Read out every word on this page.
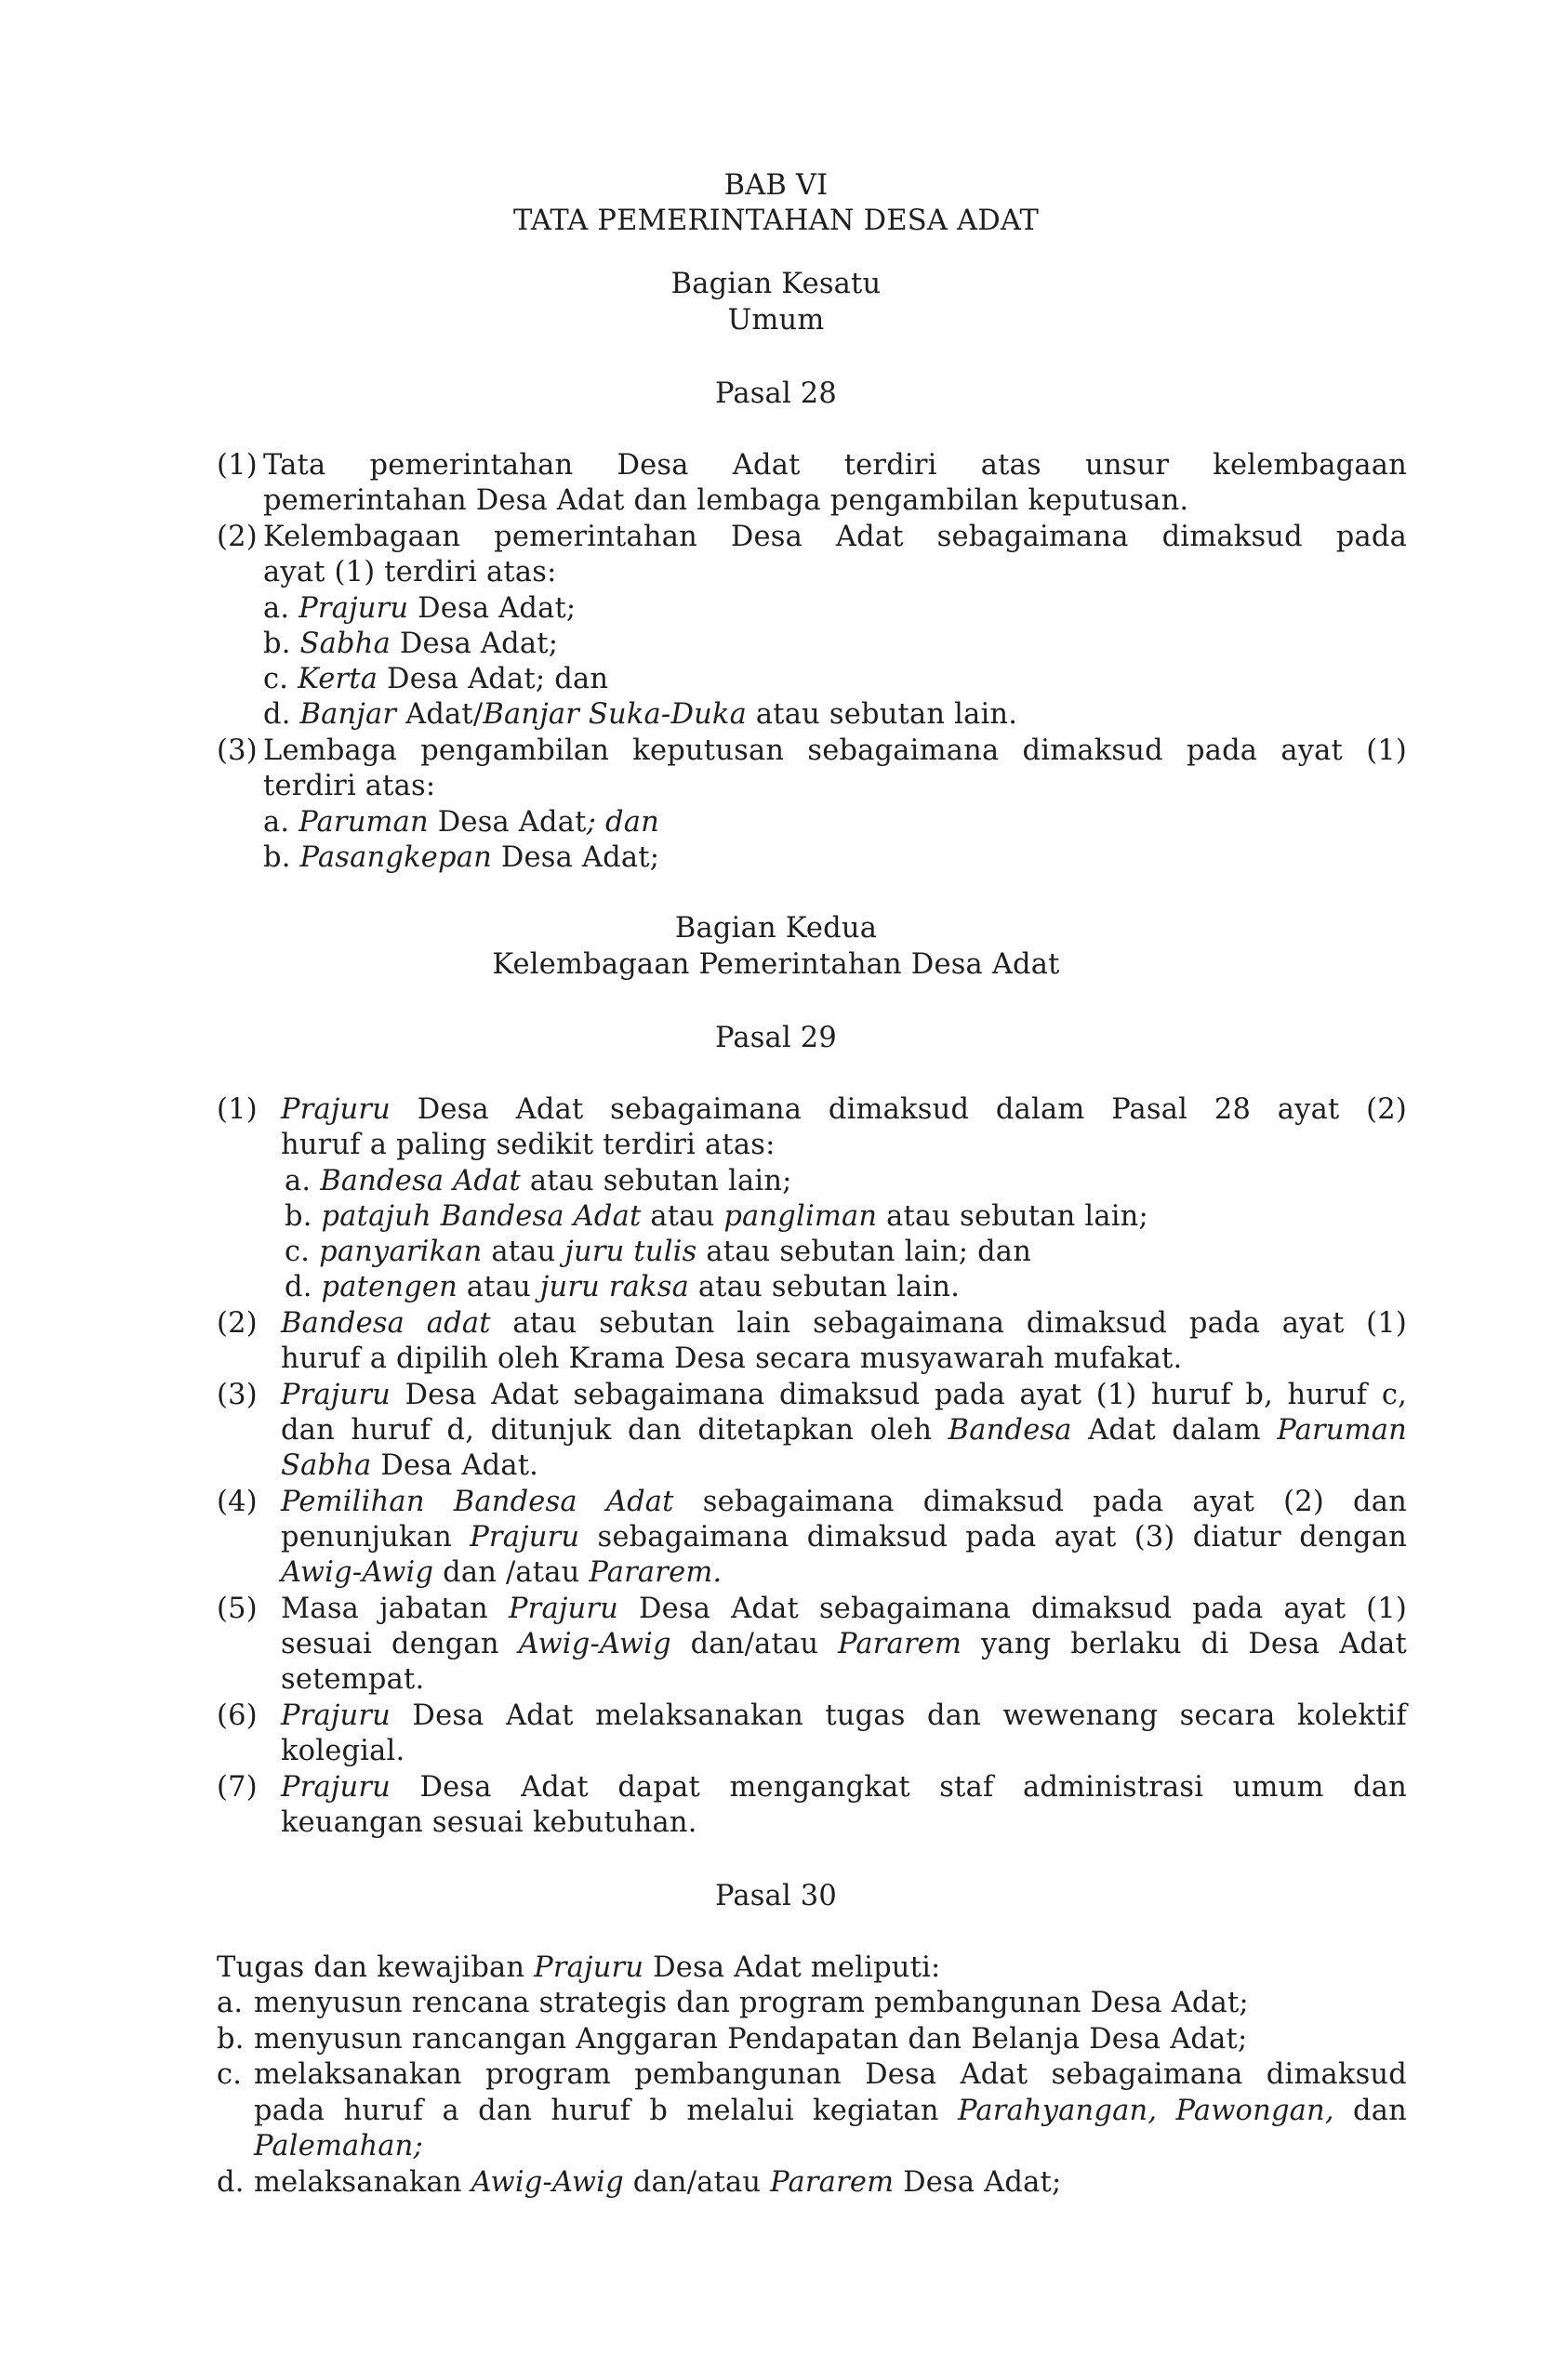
BAB VI
TATA PEMERINTAHAN DESA ADAT
Bagian Kesatu
Umum
Pasal 28
(1) Tata pemerintahan Desa Adat terdiri atas unsur kelembagaan
pemerintahan Desa Adat dan lembaga pengambilan keputusan.
(2) Kelembagaan pemerintahan Desa Adat sebagaimana dimaksud pada
ayat (1) terdiri atas:
a. Prajuru Desa Adat;
b. Sabha Desa Adat;
c. Kerta Desa Adat; dan
d. Banjar Adat/Banjar Suka-Duka atau sebutan lain.
(3) Lembaga pengambilan keputusan sebagaimana dimaksud pada ayat (1)
terdiri atas:
a. Paruman Desa Adat; dan
b. Pasangkepan Desa Adat;
Bagian Kedua
Kelembagaan Pemerintahan Desa Adat
Pasal 29
(1) Prajuru Desa Adat sebagaimana dimaksud dalam Pasal 28 ayat (2)
huruf a paling sedikit terdiri atas:
a. Bandesa Adat atau sebutan lain;
b. patajuh Bandesa Adat atau pangliman atau sebutan lain;
c. panyarikan atau juru tulis atau sebutan lain; dan
d. patengen atau juru raksa atau sebutan lain.
(2) Bandesa adat atau sebutan lain sebagaimana dimaksud pada ayat (1)
huruf a dipilih oleh Krama Desa secara musyawarah mufakat.
(3) Prajuru Desa Adat sebagaimana dimaksud pada ayat (1) huruf b, huruf c,
dan huruf d, ditunjuk dan ditetapkan oleh Bandesa Adat dalam Paruman
Sabha Desa Adat.
(4) Pemilihan Bandesa Adat sebagaimana dimaksud pada ayat (2) dan
penunjukan Prajuru sebagaimana dimaksud pada ayat (3) diatur dengan
Awig-Awig dan /atau Pararem.
(5) Masa jabatan Prajuru Desa Adat sebagaimana dimaksud pada ayat (1)
sesuai dengan Awig-Awig dan/atau Pararem yang berlaku di Desa Adat
setempat.
(6) Prajuru Desa Adat melaksanakan tugas dan wewenang secara kolektif
kolegial.
(7) Prajuru Desa Adat dapat mengangkat staf administrasi umum dan
keuangan sesuai kebutuhan.
Pasal 30
Tugas dan kewajiban Prajuru Desa Adat meliputi:
a. menyusun rencana strategis dan program pembangunan Desa Adat;
b. menyusun rancangan Anggaran Pendapatan dan Belanja Desa Adat;
c. melaksanakan program pembangunan Desa Adat sebagaimana dimaksud
pada huruf a dan huruf b melalui kegiatan Parahyangan, Pawongan, dan
Palemahan;
d. melaksanakan Awig-Awig dan/atau Pararem Desa Adat;
